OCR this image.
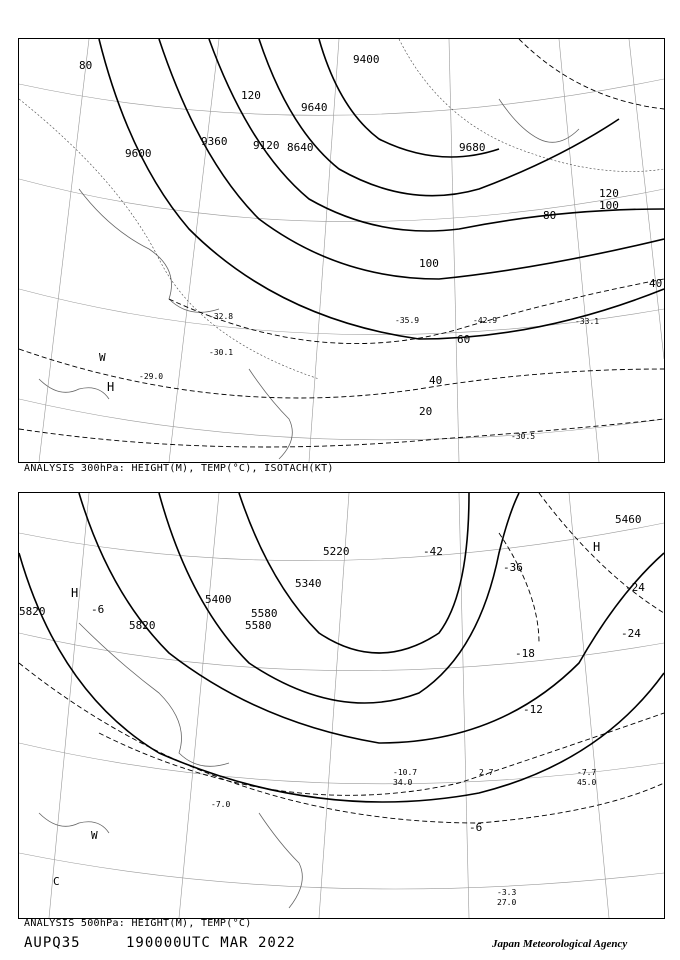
9600
9360 9120 8640
9400
9640
9680
120
80
60
40
20
100
120
80
100
40
-30.5
-33.1
-35.9
-30.1
-32.8
-29.0
-42.9
H
W
ANALYSIS 300hPa: HEIGHT(M), TEMP(°C), ISOTACH(KT)
5400
5820
5580
5340
5220
5580
5820
5460
-42
-36
-24
-18
-12
-6
-6
-24
-3.3
27.0
-7.7
45.0
-10.7
34.0
-7.0
2.7
H
H
C
W
ANALYSIS 500hPa: HEIGHT(M), TEMP(°C)
AUPQ35	190000UTC MAR 2022	Japan Meteorological Agency
